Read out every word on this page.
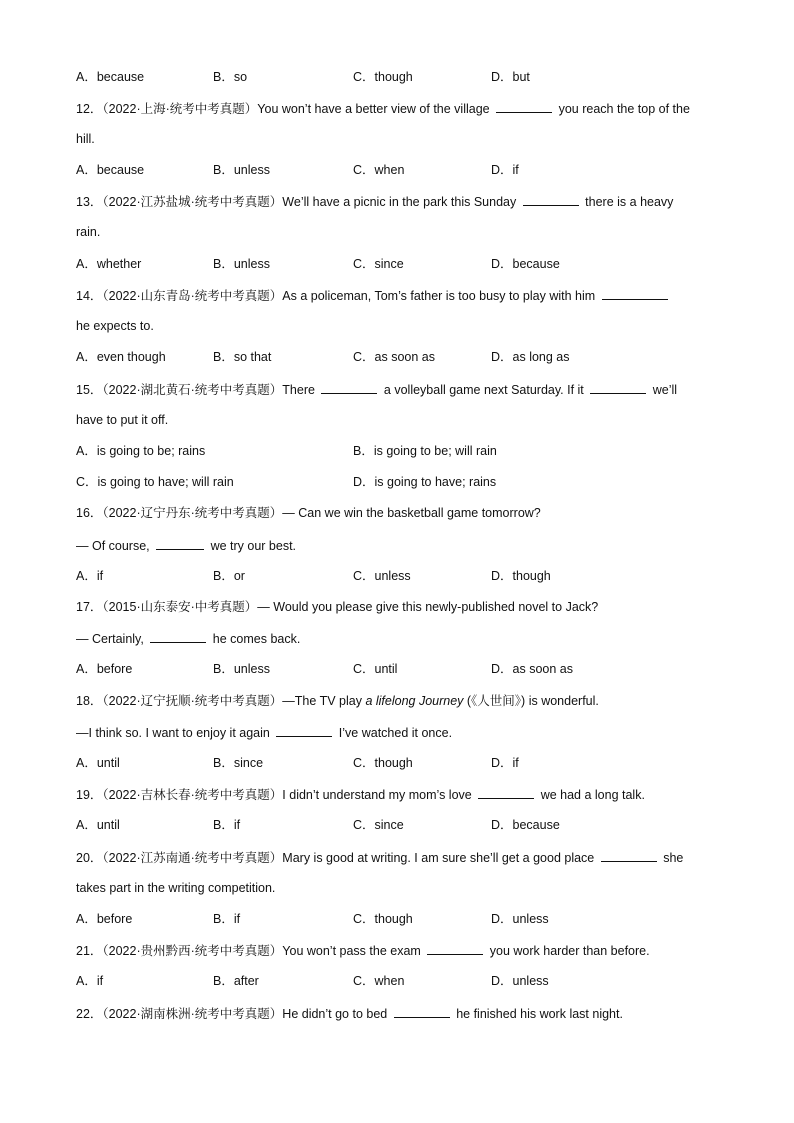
A．because	B．so	C．though	D．but
12．（2022·上海·统考中考真题）You won’t have a better view of the village	you reach the top of the
hill.
A．because	B．unless	C．when	D．if
13．（2022·江苏盐城·统考中考真题）We’ll have a picnic in the park this Sunday	there is a heavy
rain.
A．whether	B．unless	C．since	D．because
14．（2022·山东青岛·统考中考真题）As a policeman, Tom’s father is too busy to play with him
he expects to.
A．even though	B．so that	C．as soon as	D．as long as
15．（2022·湖北黄石·统考中考真题）There	a volleyball game next Saturday. If it	we’ll
have to put it off.
A．is going to be; rains	B．is going to be; will rain
C．is going to have; will rain	D．is going to have; rains
16．（2022·辽宁丹东·统考中考真题）— Can we win the basketball game tomorrow?
— Of course,	we try our best.
A．if	B．or	C．unless	D．though
17．（2015·山东泰安·中考真题）— Would you please give this newly-published novel to Jack?
— Certainly,	he comes back.
A．before	B．unless	C．until	D．as soon as
18．（2022·辽宁抚顺·统考中考真题）—The TV play a lifelong Journey (《人世间》) is wonderful.
—I think so. I want to enjoy it again	I’ve watched it once.
A．until	B．since	C．though	D．if
19．（2022·吉林长春·统考中考真题）I didn’t understand my mom’s love	we had a long talk.
A．until	B．if	C．since	D．because
20．（2022·江苏南通·统考中考真题）Mary is good at writing. I am sure she’ll get a good place	she
takes part in the writing competition.
A．before	B．if	C．though	D．unless
21．（2022·贵州黔西·统考中考真题）You won’t pass the exam	you work harder than before.
A．if	B．after	C．when	D．unless
22．（2022·湖南株洲·统考中考真题）He didn’t go to bed	he finished his work last night.
